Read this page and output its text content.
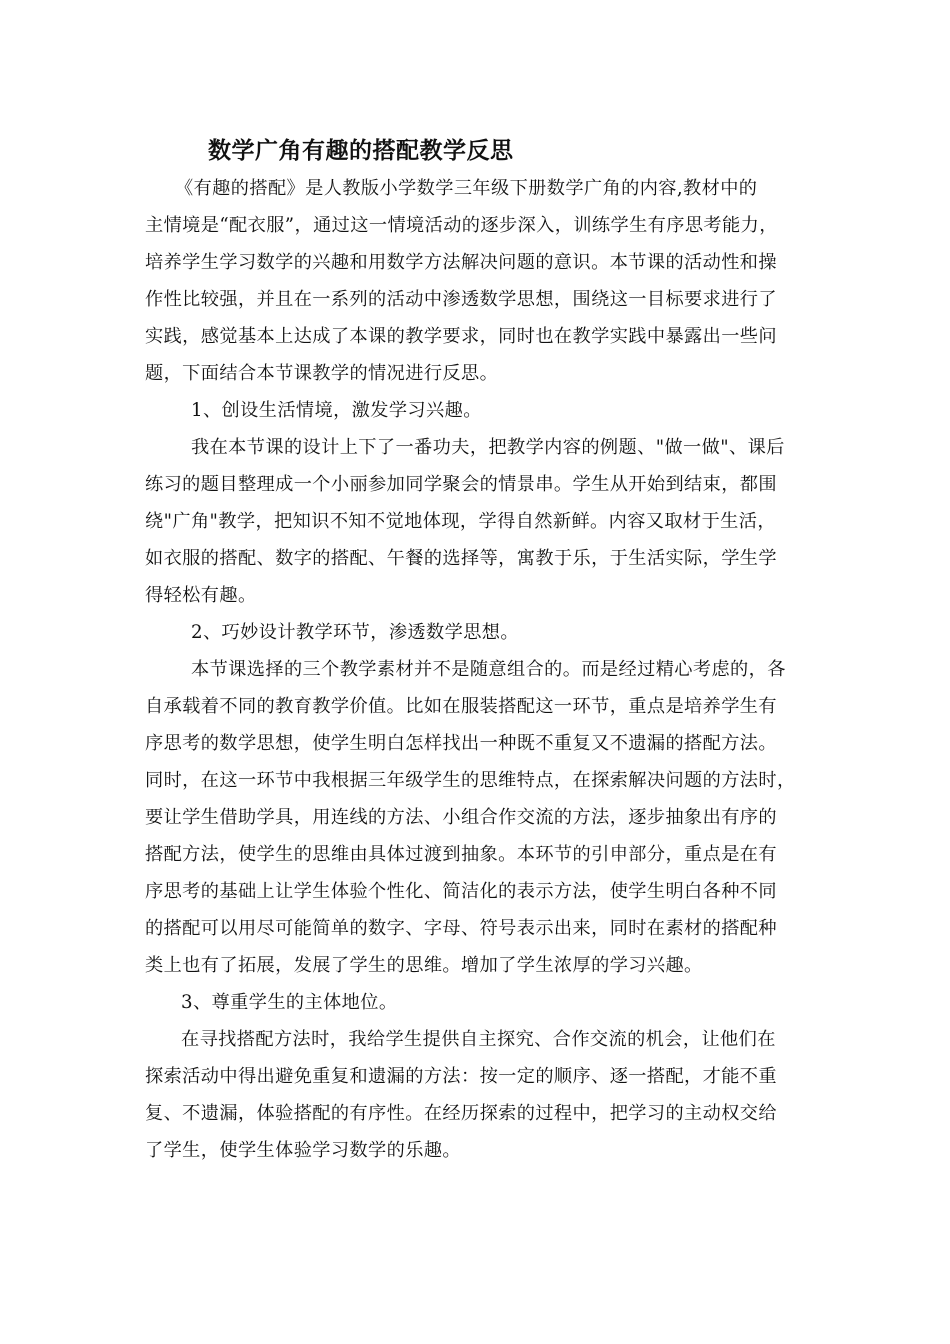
数学广角有趣的搭配教学反思
《有趣的搭配》是人教版小学数学三年级下册数学广角的内容,教材中的
主情境是“配衣服”，通过这一情境活动的逐步深入，训练学生有序思考能力，
培养学生学习数学的兴趣和用数学方法解决问题的意识。本节课的活动性和操
作性比较强，并且在一系列的活动中渗透数学思想，围绕这一目标要求进行了
实践，感觉基本上达成了本课的教学要求，同时也在教学实践中暴露出一些问
题，下面结合本节课教学的情况进行反思。
1、创设生活情境，激发学习兴趣。
我在本节课的设计上下了一番功夫，把教学内容的例题、"做一做"、课后
练习的题目整理成一个小丽参加同学聚会的情景串。学生从开始到结束，都围
绕"广角"教学，把知识不知不觉地体现，学得自然新鲜。内容又取材于生活，
如衣服的搭配、数字的搭配、午餐的选择等，寓教于乐，于生活实际，学生学
得轻松有趣。
2、巧妙设计教学环节，渗透数学思想。
本节课选择的三个教学素材并不是随意组合的。而是经过精心考虑的，各
自承载着不同的教育教学价值。比如在服装搭配这一环节，重点是培养学生有
序思考的数学思想，使学生明白怎样找出一种既不重复又不遗漏的搭配方法。
同时，在这一环节中我根据三年级学生的思维特点，在探索解决问题的方法时，
要让学生借助学具，用连线的方法、小组合作交流的方法，逐步抽象出有序的
搭配方法，使学生的思维由具体过渡到抽象。本环节的引申部分，重点是在有
序思考的基础上让学生体验个性化、简洁化的表示方法，使学生明白各种不同
的搭配可以用尽可能简单的数字、字母、符号表示出来，同时在素材的搭配种
类上也有了拓展，发展了学生的思维。增加了学生浓厚的学习兴趣。
3、尊重学生的主体地位。
在寻找搭配方法时，我给学生提供自主探究、合作交流的机会，让他们在
探索活动中得出避免重复和遗漏的方法：按一定的顺序、逐一搭配，才能不重
复、不遗漏，体验搭配的有序性。在经历探索的过程中，把学习的主动权交给
了学生，使学生体验学习数学的乐趣。
